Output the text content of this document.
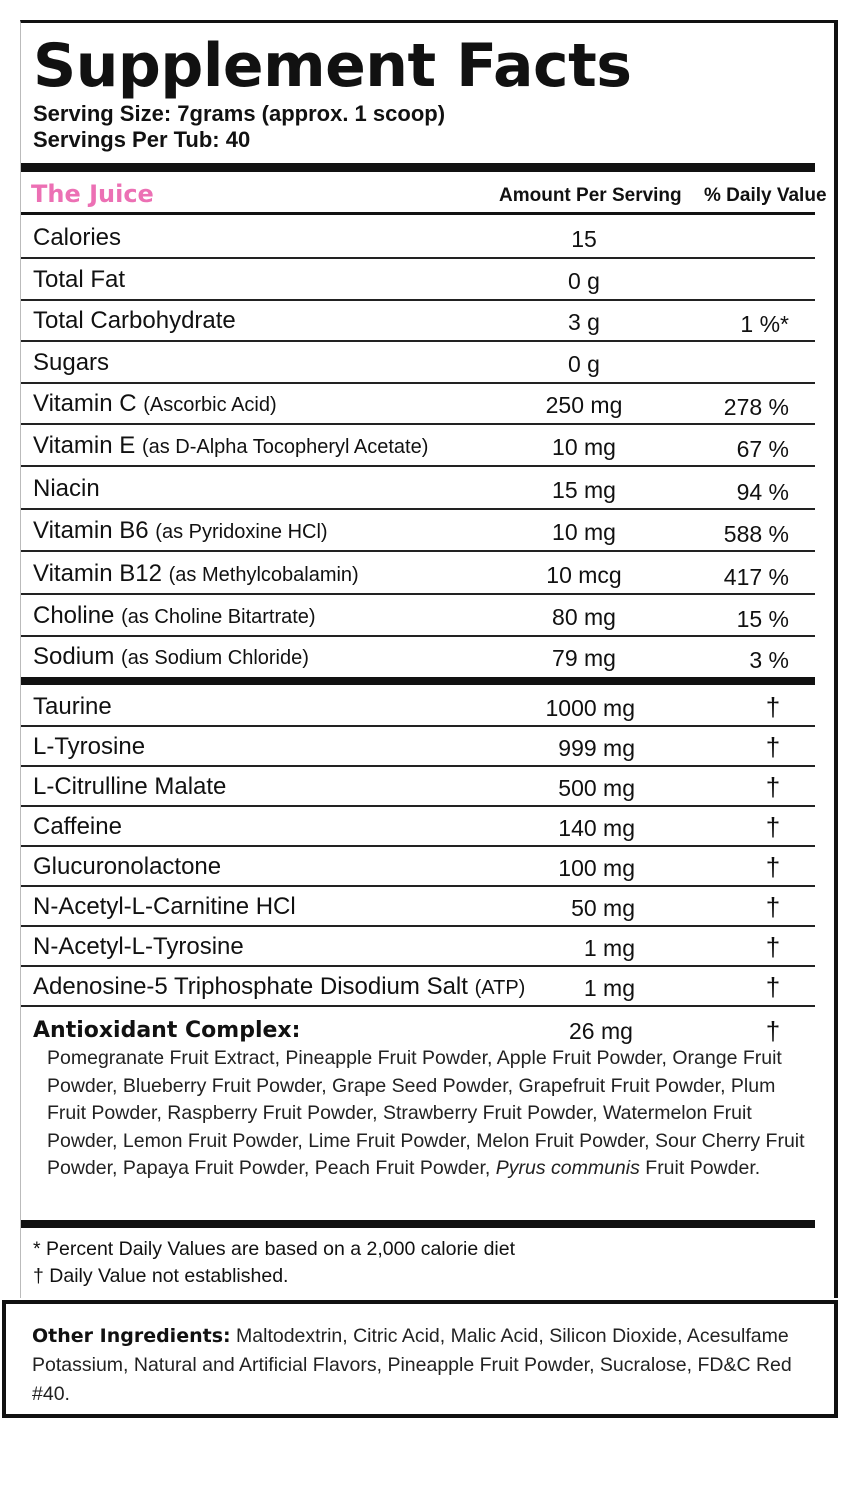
Supplement Facts
Serving Size: 7grams (approx. 1 scoop)
Servings Per Tub: 40
The Juice	Amount Per Serving % Daily Value
Calories	15
Total Fat	0 g
Total Carbohydrate	3 g	1 %*
Sugars	0 g
Vitamin C (Ascorbic Acid)	250 mg	278 %
Vitamin E (as D-Alpha Tocopheryl Acetate)	10 mg	67 %
Niacin	15 mg	94 %
Vitamin B6 (as Pyridoxine HCl)	10 mg	588 %
Vitamin B12 (as Methylcobalamin)	10 mcg	417 %
Choline (as Choline Bitartrate)	80 mg	15 %
Sodium (as Sodium Chloride)	79 mg	3 %
Taurine	1000 mg	†
L-Tyrosine	999 mg	†
L-Citrulline Malate	500 mg	†
Caffeine	140 mg	†
Glucuronolactone	100 mg	†
N-Acetyl-L-Carnitine HCl	50 mg	†
N-Acetyl-L-Tyrosine	1 mg	†
Adenosine-5 Triphosphate Disodium Salt (ATP)	1 mg	†
Antioxidant Complex:	26 mg	†
Pomegranate Fruit Extract, Pineapple Fruit Powder, Apple Fruit Powder, Orange Fruit Powder, Blueberry Fruit Powder, Grape Seed Powder, Grapefruit Fruit Powder, Plum Fruit Powder, Raspberry Fruit Powder, Strawberry Fruit Powder, Watermelon Fruit Powder, Lemon Fruit Powder, Lime Fruit Powder, Melon Fruit Powder, Sour Cherry Fruit Powder, Papaya Fruit Powder, Peach Fruit Powder, Pyrus communis Fruit Powder.
* Percent Daily Values are based on a 2,000 calorie diet
† Daily Value not established.
Other Ingredients: Maltodextrin, Citric Acid, Malic Acid, Silicon Dioxide, Acesulfame Potassium, Natural and Artificial Flavors, Pineapple Fruit Powder, Sucralose, FD&C Red #40.
